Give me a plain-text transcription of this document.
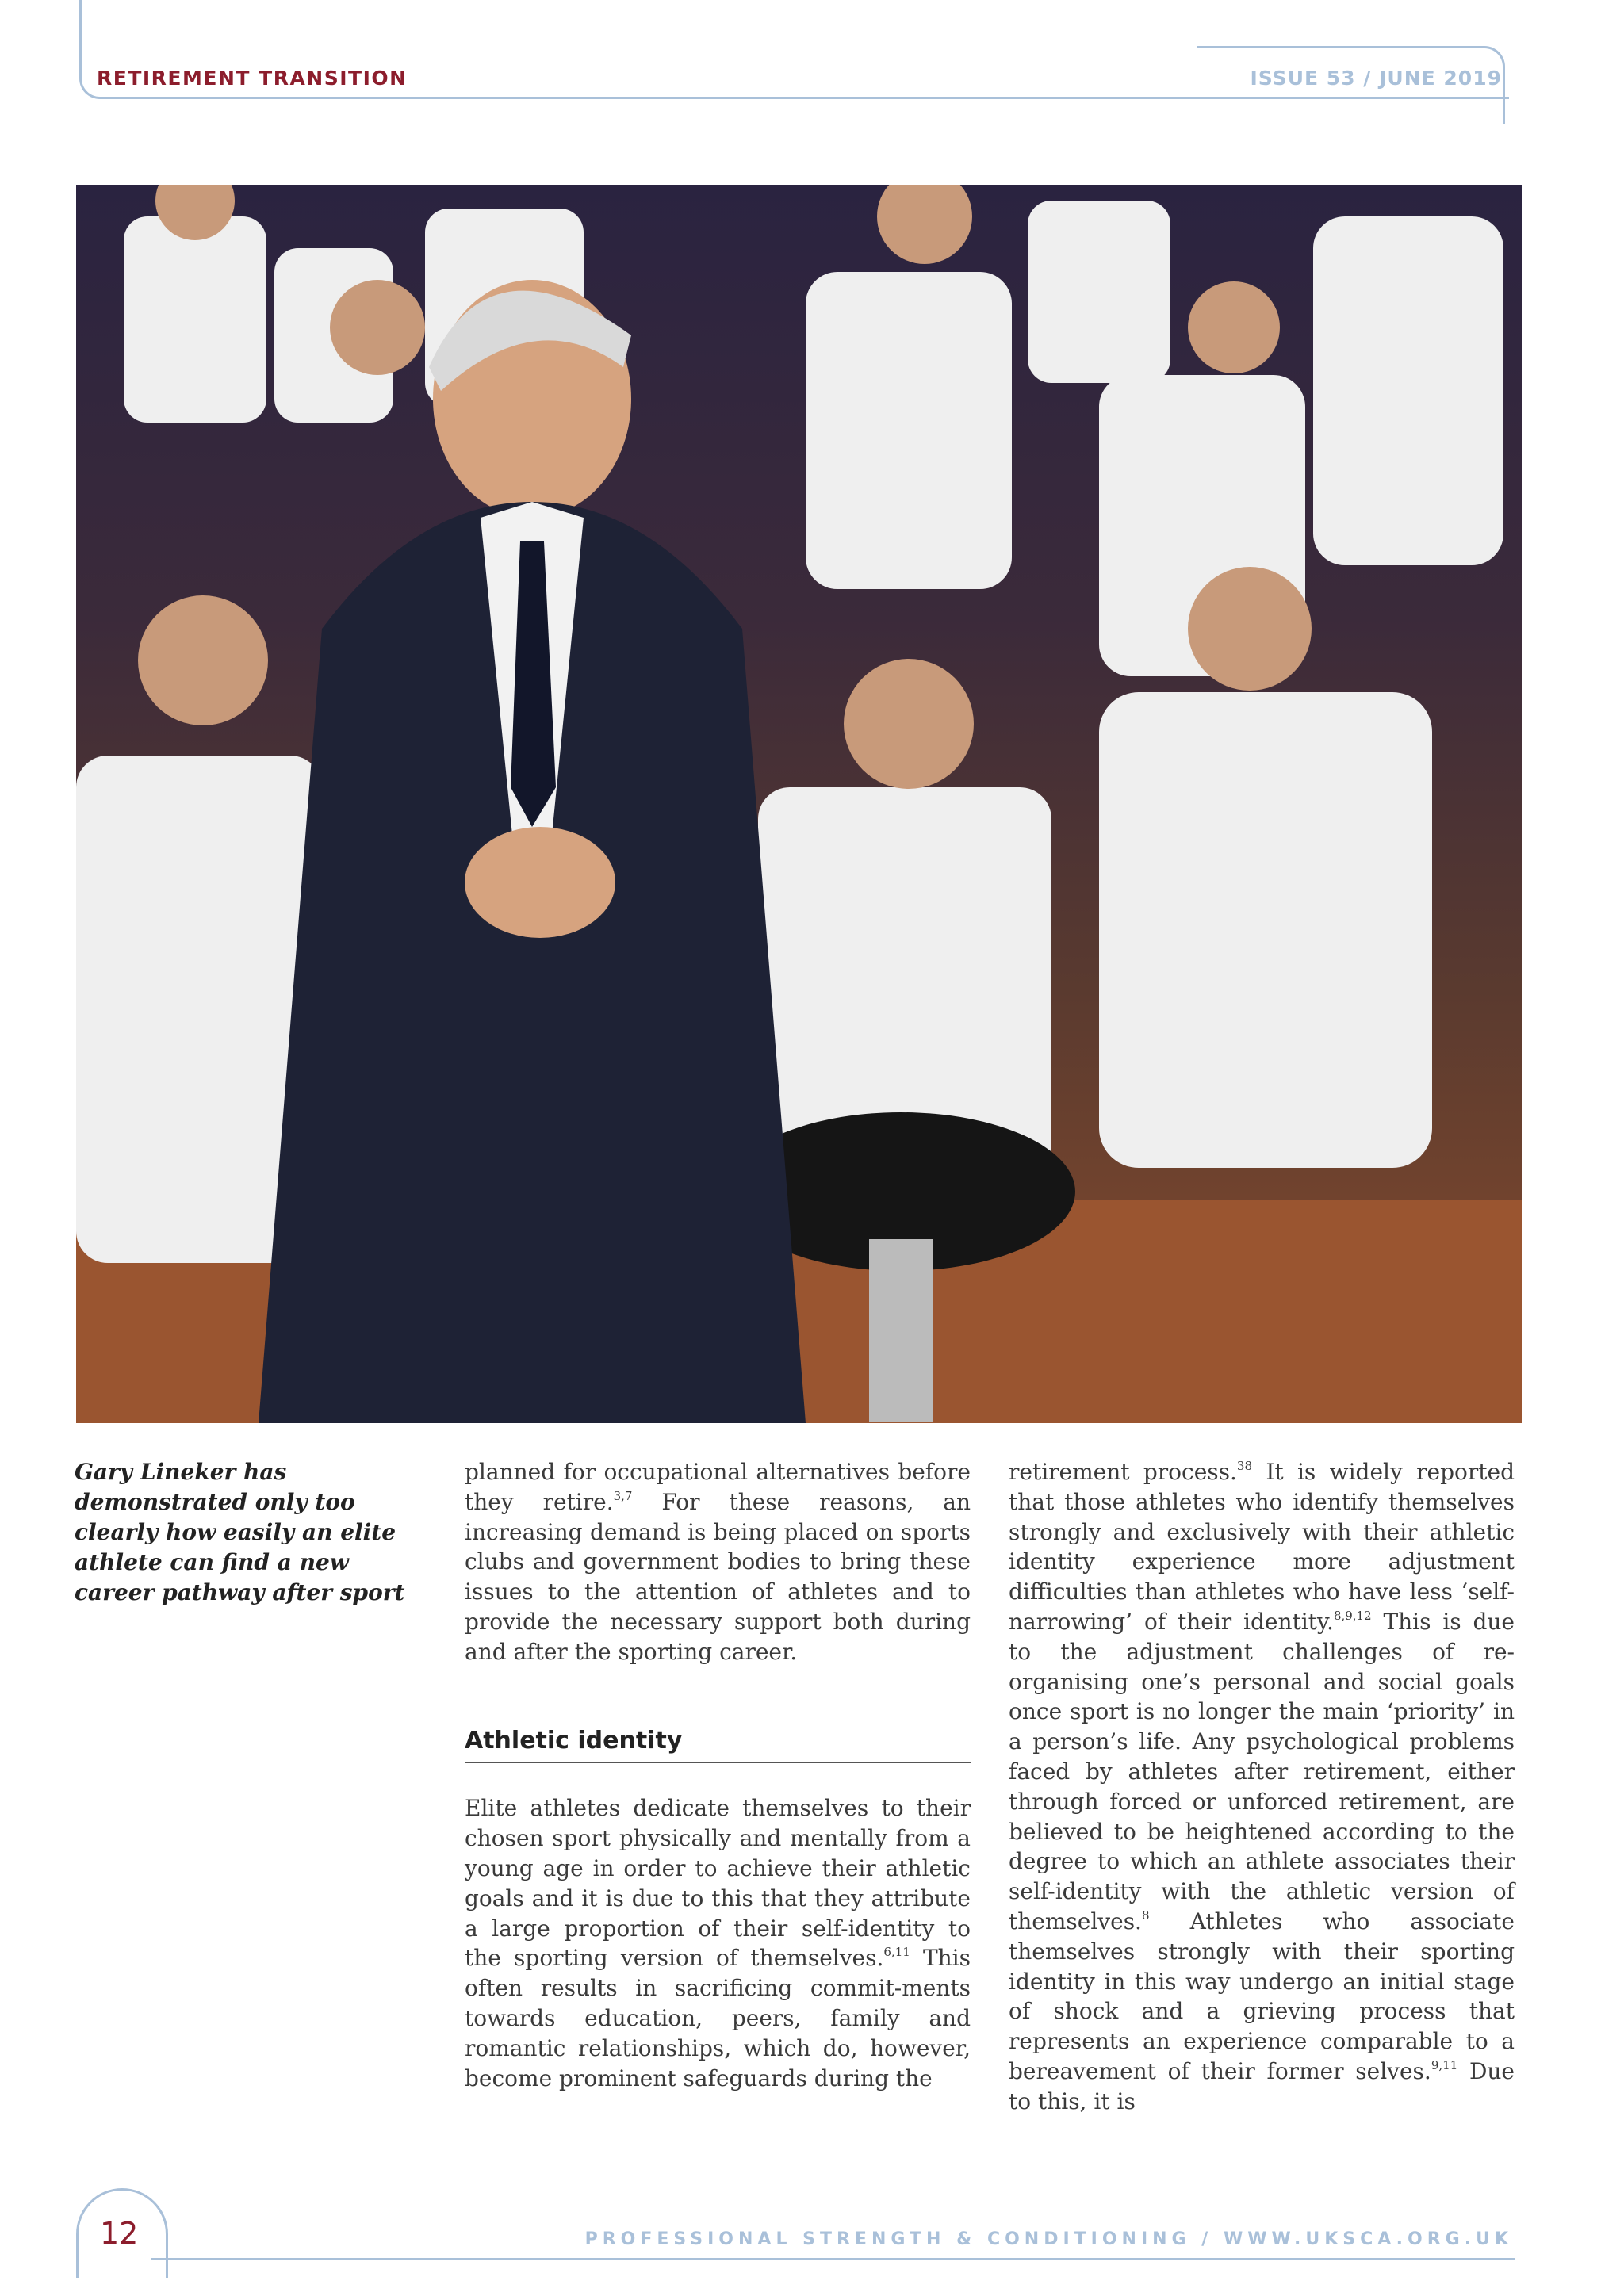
RETIREMENT TRANSITION	ISSUE 53 / JUNE 2019
Gary Lineker has demonstrated only too clearly how easily an elite athlete can find a new career pathway after sport

planned for occupational alternatives before they retire.$^{3,7}$ For these reasons, an increasing demand is being placed on sports clubs and government bodies to bring these issues to the attention of athletes and to provide the necessary support both during and after the sporting career.

Athletic identity

Elite athletes dedicate themselves to their chosen sport physically and mentally from a young age in order to achieve their athletic goals and it is due to this that they attribute a large proportion of their self-identity to the sporting version of themselves.$^{6,11}$ This often results in sacrificing commit-ments towards education, peers, family and romantic relationships, which do, however, become prominent safeguards during the

retirement process.$^{38}$ It is widely reported that those athletes who identify themselves strongly and exclusively with their athletic identity experience more adjustment difficulties than athletes who have less ‘self-narrowing’ of their identity.$^{8,9,12}$ This is due to the adjustment challenges of re-organising one’s personal and social goals once sport is no longer the main ‘priority’ in a person’s life. Any psychological problems faced by athletes after retirement, either through forced or unforced retirement, are believed to be heightened according to the degree to which an athlete associates their self-identity with the athletic version of themselves.$^8$ Athletes who associate themselves strongly with their sporting identity in this way undergo an initial stage of shock and a grieving process that represents an experience comparable to a bereavement of their former selves.$^{9,11}$ Due to this, it is

12	PROFESSIONAL STRENGTH & CONDITIONING / WWW.UKSCA.ORG.UK
